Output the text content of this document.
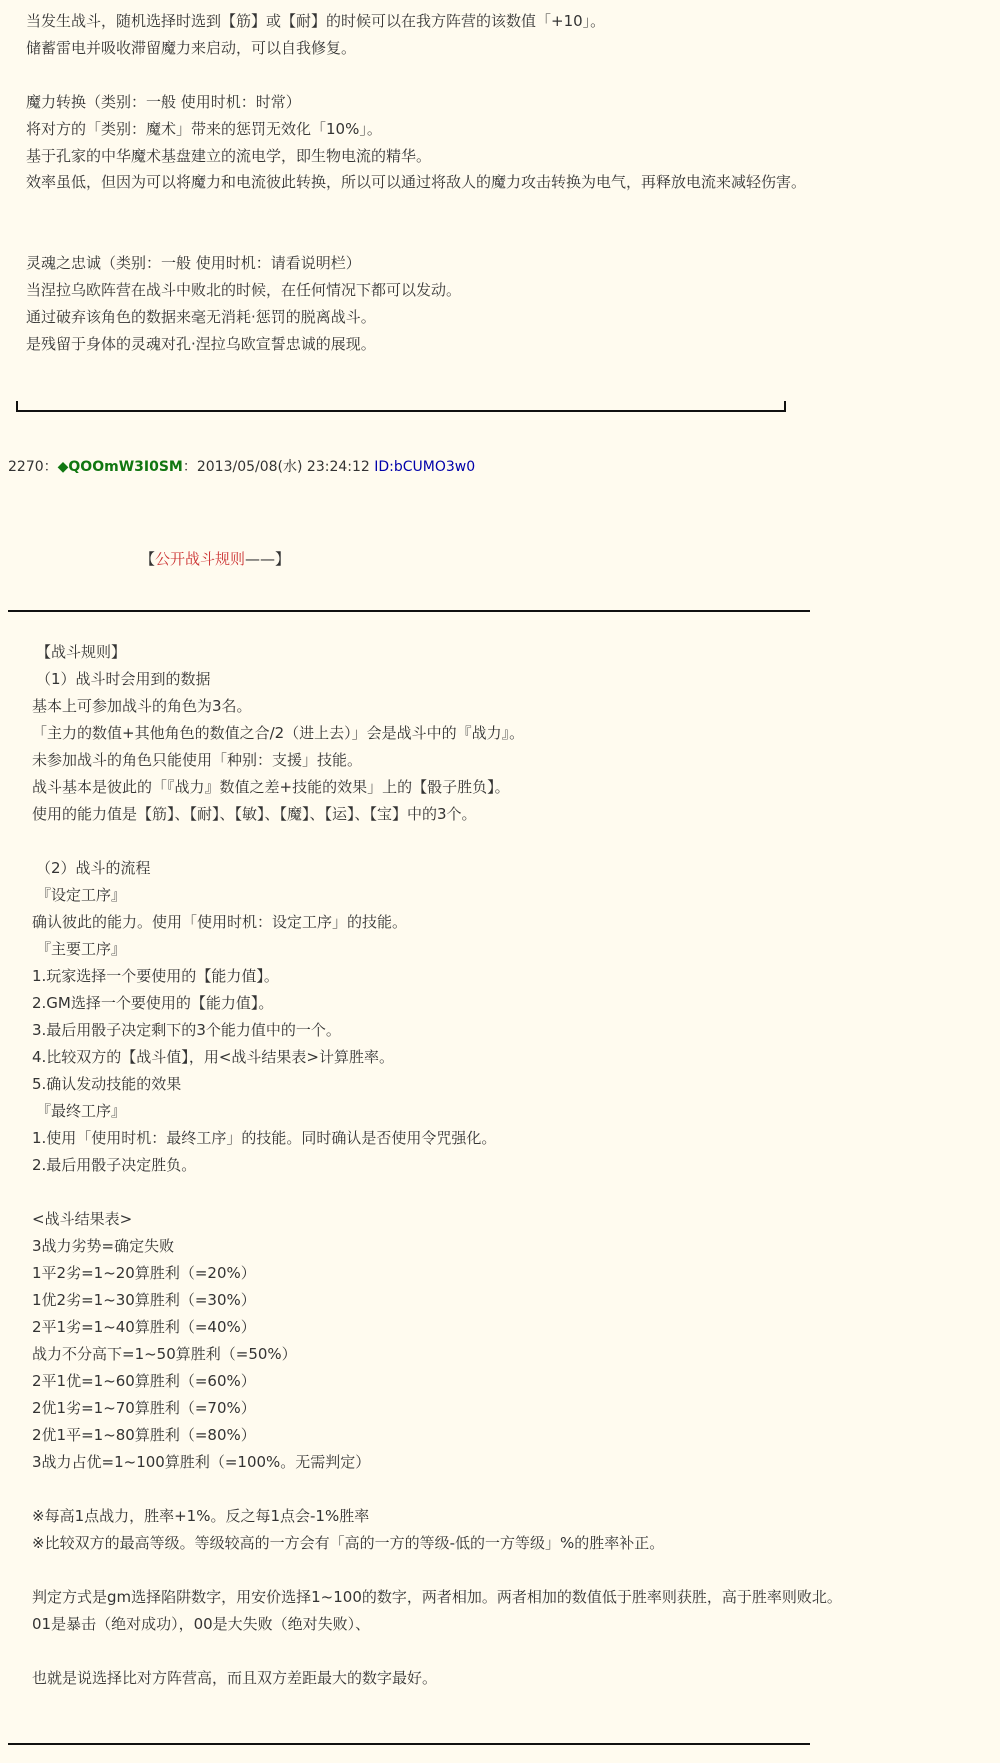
当发生战斗，随机选择时选到【筋】或【耐】的时候可以在我方阵营的该数值「+10」。
储蓄雷电并吸收滞留魔力来启动，可以自我修复。
魔力转换（类别：一般 使用时机：时常）
将对方的「类别：魔术」带来的惩罚无效化「10%」。
基于孔家的中华魔术基盘建立的流电学，即生物电流的精华。
效率虽低，但因为可以将魔力和电流彼此转换，所以可以通过将敌人的魔力攻击转换为电气，再释放电流来减轻伤害。
灵魂之忠诚（类别：一般 使用时机：请看说明栏）
当涅拉乌欧阵营在战斗中败北的时候，在任何情况下都可以发动。
通过破弃该角色的数据来毫无消耗·惩罚的脱离战斗。
是残留于身体的灵魂对孔·涅拉乌欧宣誓忠诚的展现。
2270：◆QOOmW3I0SM：2013/05/08(水) 23:24:12 ID:bCUMO3w0
【公开战斗规则——】
【战斗规则】
（1）战斗时会用到的数据
基本上可参加战斗的角色为3名。
「主力的数值+其他角色的数值之合/2（进上去）」会是战斗中的『战力』。
未参加战斗的角色只能使用「种别：支援」技能。
战斗基本是彼此的「『战力』数值之差+技能的效果」上的【骰子胜负】。
使用的能力值是【筋】、【耐】、【敏】、【魔】、【运】、【宝】中的3个。
（2）战斗的流程
『设定工序』
确认彼此的能力。使用「使用时机：设定工序」的技能。
『主要工序』
1.玩家选择一个要使用的【能力值】。
2.GM选择一个要使用的【能力值】。
3.最后用骰子决定剩下的3个能力值中的一个。
4.比较双方的【战斗值】，用<战斗结果表>计算胜率。
5.确认发动技能的效果
『最终工序』
1.使用「使用时机：最终工序」的技能。同时确认是否使用令咒强化。
2.最后用骰子决定胜负。
<战斗结果表>
3战力劣势=确定失败
1平2劣=1~20算胜利（=20%）
1优2劣=1~30算胜利（=30%）
2平1劣=1~40算胜利（=40%）
战力不分高下=1~50算胜利（=50%）
2平1优=1~60算胜利（=60%）
2优1劣=1~70算胜利（=70%）
2优1平=1~80算胜利（=80%）
3战力占优=1~100算胜利（=100%。无需判定）
※每高1点战力，胜率+1%。反之每1点会-1%胜率
※比较双方的最高等级。等级较高的一方会有「高的一方的等级-低的一方等级」%的胜率补正。
判定方式是gm选择陷阱数字，用安价选择1~100的数字，两者相加。两者相加的数值低于胜率则获胜，高于胜率则败北。
01是暴击（绝对成功），00是大失败（绝对失败）、
也就是说选择比对方阵营高，而且双方差距最大的数字最好。
